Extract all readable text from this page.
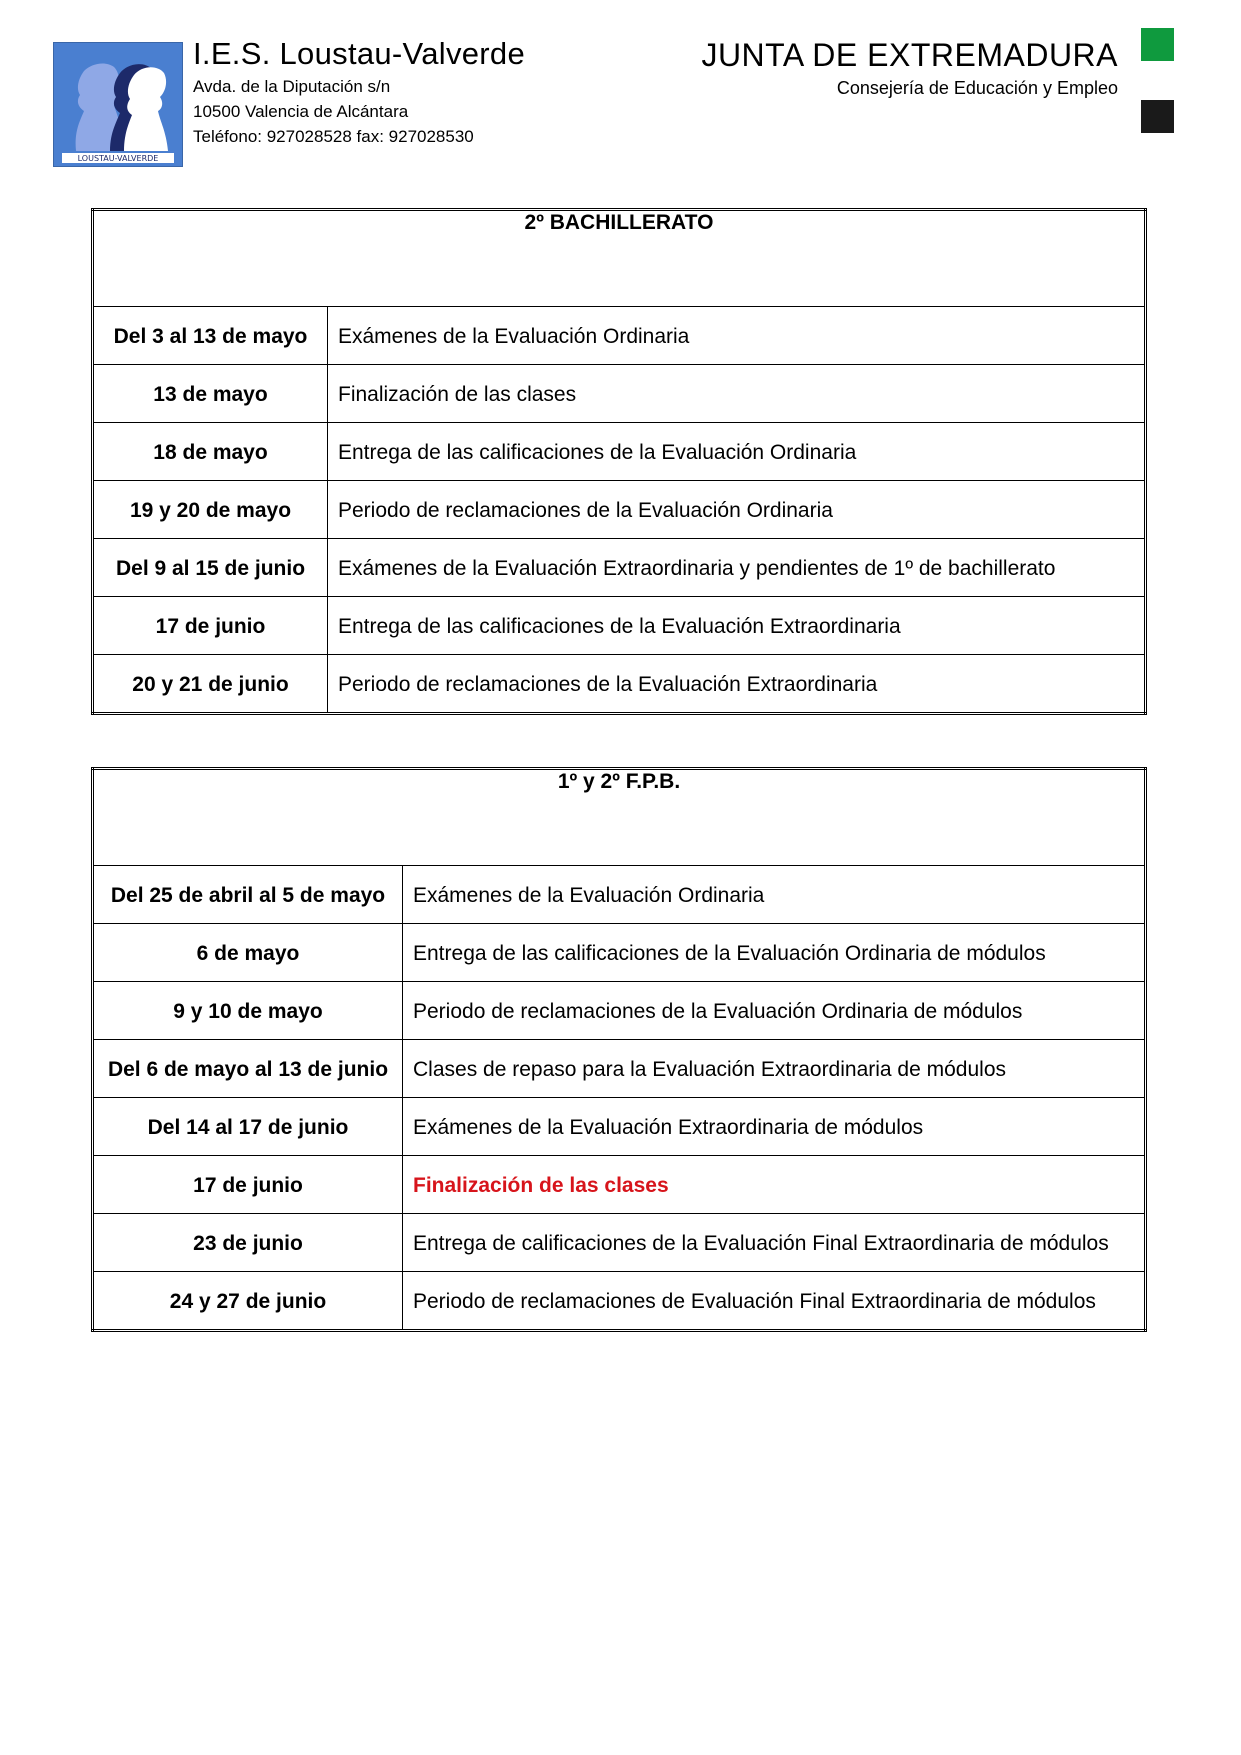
LOUSTAU-VALVERDE
I.E.S. Loustau-Valverde
Avda. de la Diputación s/n
10500 Valencia de Alcántara
Teléfono: 927028528 fax: 927028530
JUNTA DE EXTREMADURA
Consejería de Educación y Empleo
2º BACHILLERATO	
Del 3 al 13 de mayo	Exámenes de la Evaluación Ordinaria
13 de mayo	Finalización de las clases
18 de mayo	Entrega de las calificaciones de la Evaluación Ordinaria
19 y 20 de mayo	Periodo de reclamaciones de la Evaluación Ordinaria
Del 9 al 15 de junio	Exámenes de la Evaluación Extraordinaria y pendientes de 1º de bachillerato
17 de junio	Entrega de las calificaciones de la Evaluación Extraordinaria
20 y 21 de junio	Periodo de reclamaciones de la Evaluación Extraordinaria
1º y 2º F.P.B.	
Del 25 de abril al 5 de mayo	Exámenes de la Evaluación Ordinaria
6 de mayo	Entrega de las calificaciones de la Evaluación Ordinaria de módulos
9 y 10 de mayo	Periodo de reclamaciones de la Evaluación Ordinaria de módulos
Del 6 de mayo al 13 de junio	Clases de repaso para la Evaluación Extraordinaria de módulos
Del 14 al 17 de junio	Exámenes de la Evaluación Extraordinaria de módulos
17 de junio	Finalización de las clases
23 de junio	Entrega de calificaciones de la Evaluación Final Extraordinaria de módulos
24 y 27 de junio	Periodo de reclamaciones de Evaluación Final Extraordinaria de módulos
